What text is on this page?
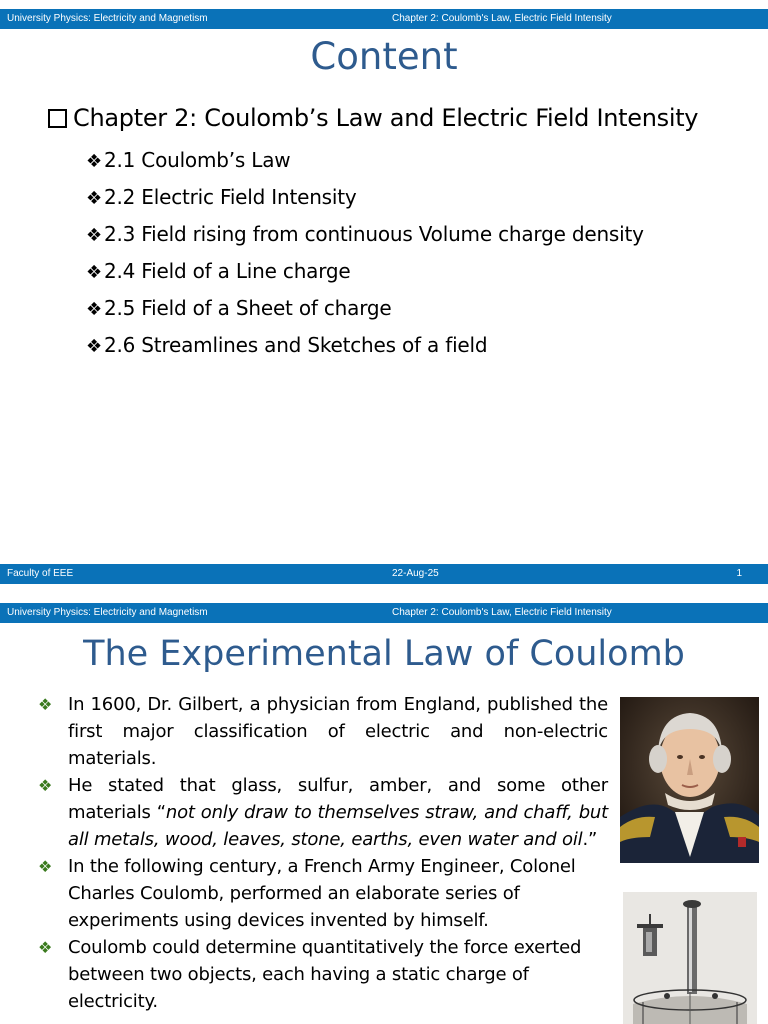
University Physics: Electricity and Magnetism	Chapter 2: Coulomb's Law, Electric Field Intensity
Content
Chapter 2: Coulomb’s Law and Electric Field Intensity
❖ 2.1 Coulomb’s Law
❖ 2.2 Electric Field Intensity
❖ 2.3 Field rising from continuous Volume charge density
❖ 2.4 Field of a Line charge
❖ 2.5 Field of a Sheet of charge
❖ 2.6 Streamlines and Sketches of a field
Faculty of EEE	22-Aug-25	1
University Physics: Electricity and Magnetism	Chapter 2: Coulomb's Law, Electric Field Intensity
The Experimental Law of Coulomb
❖ In 1600, Dr. Gilbert, a physician from England, published the first major classification of electric and non-electric materials.
❖ He stated that glass, sulfur, amber, and some other materials “not only draw to themselves straw, and chaff, but all metals, wood, leaves, stone, earths, even water and oil.”
❖ In the following century, a French Army Engineer, Colonel Charles Coulomb, performed an elaborate series of experiments using devices invented by himself.
❖ Coulomb could determine quantitatively the force exerted between two objects, each having a static charge of electricity.
